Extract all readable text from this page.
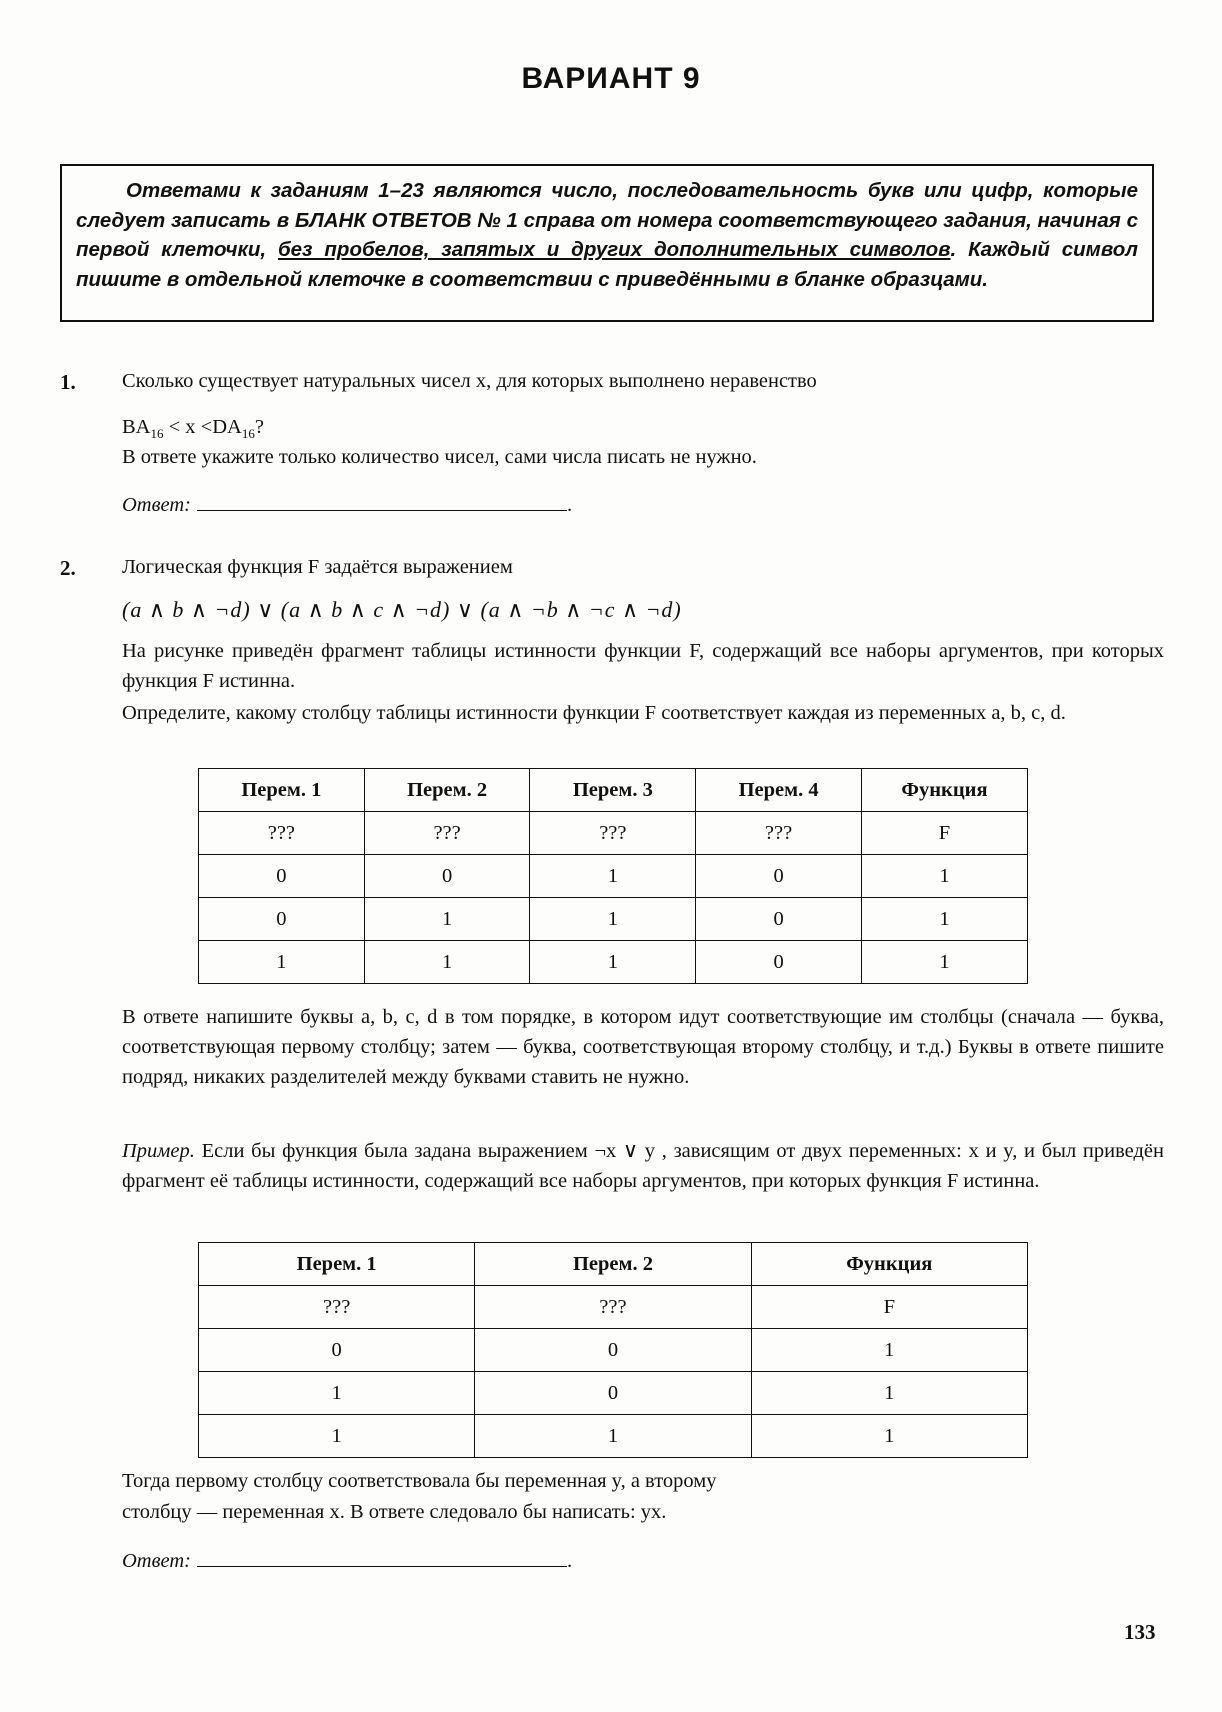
ВАРИАНТ 9
Ответами к заданиям 1–23 являются число, последовательность букв или цифр, которые следует записать в БЛАНК ОТВЕТОВ № 1 справа от номера соответствующего задания, начиная с первой клеточки, без пробелов, запятых и других дополнительных символов. Каждый символ пишите в отдельной клеточке в соответствии с приведёнными в бланке образцами.
1. Сколько существует натуральных чисел x, для которых выполнено неравенство
$BA_{16} < x <DA_{16}$?
В ответе укажите только количество чисел, сами числа писать не нужно.
Ответ:	.
2. Логическая функция F задаётся выражением
(a ∧ b ∧ ¬d) ∨ (a ∧ b ∧ c ∧ ¬d) ∨ (a ∧ ¬b ∧ ¬c ∧ ¬d)
На рисунке приведён фрагмент таблицы истинности функции F, содержащий все наборы аргументов, при которых функция F истинна.
Определите, какому столбцу таблицы истинности функции F соответствует каждая из переменных a, b, c, d.
Перем. 1	Перем. 2	Перем. 3	Перем. 4	Функция
???	???	???	???	F
0	0	1	0	1
0	1	1	0	1
1	1	1	0	1
В ответе напишите буквы a, b, c, d в том порядке, в котором идут соответствующие им столбцы (сначала — буква, соответствующая первому столбцу; затем — буква, соответствующая второму столбцу, и т.д.) Буквы в ответе пишите подряд, никаких разделителей между буквами ставить не нужно.
Пример. Если бы функция была задана выражением ¬x ∨ y , зависящим от двух переменных: x и y, и был приведён фрагмент её таблицы истинности, содержащий все наборы аргументов, при которых функция F истинна.
Перем. 1	Перем. 2	Функция
???	???	F
0	0	1
1	0	1
1	1	1
Тогда первому столбцу соответствовала бы переменная y, а второму
столбцу — переменная x. В ответе следовало бы написать: yx.
Ответ:	.
133
